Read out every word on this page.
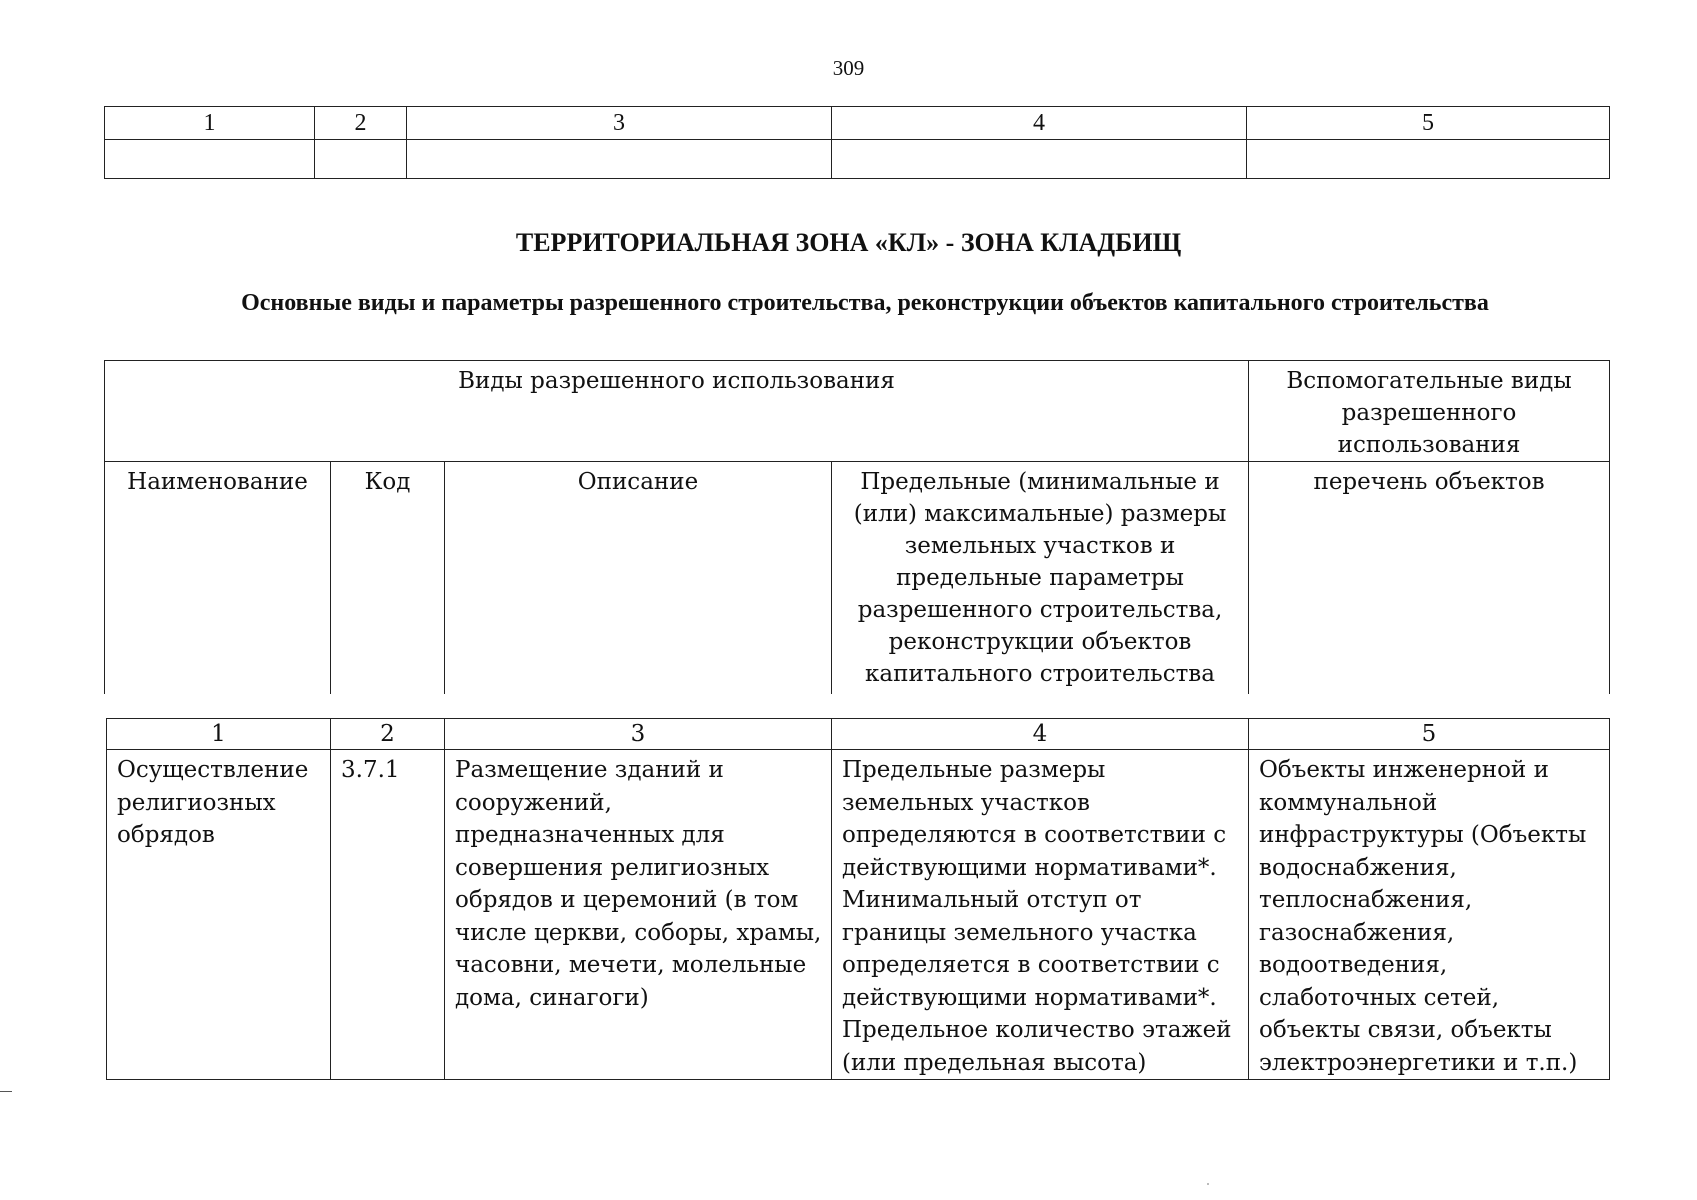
309
1	2	3	4	5

ТЕРРИТОРИАЛЬНАЯ ЗОНА «КЛ» - ЗОНА КЛАДБИЩ
Основные виды и параметры разрешенного строительства, реконструкции объектов капитального строительства
Виды разрешенного использования				Вспомогательные виды разрешенного использования
Наименование	Код	Описание	Предельные (минимальные и (или) максимальные) размеры земельных участков и предельные параметры разрешенного строительства, реконструкции объектов капитального строительства	перечень объектов
1	2	3	4	5
Осуществление религиозных обрядов	3.7.1	Размещение зданий и сооружений, предназначенных для совершения религиозных обрядов и церемоний (в том числе церкви, соборы, храмы, часовни, мечети, молельные дома, синагоги)	Предельные размеры земельных участков определяются в соответствии с действующими нормативами*. Минимальный отступ от границы земельного участка определяется в соответствии с действующими нормативами*. Предельное количество этажей (или предельная высота)	Объекты инженерной и коммунальной инфраструктуры (Объекты водоснабжения, теплоснабжения, газоснабжения, водоотведения, слаботочных сетей, объекты связи, объекты электроэнергетики и т.п.)
